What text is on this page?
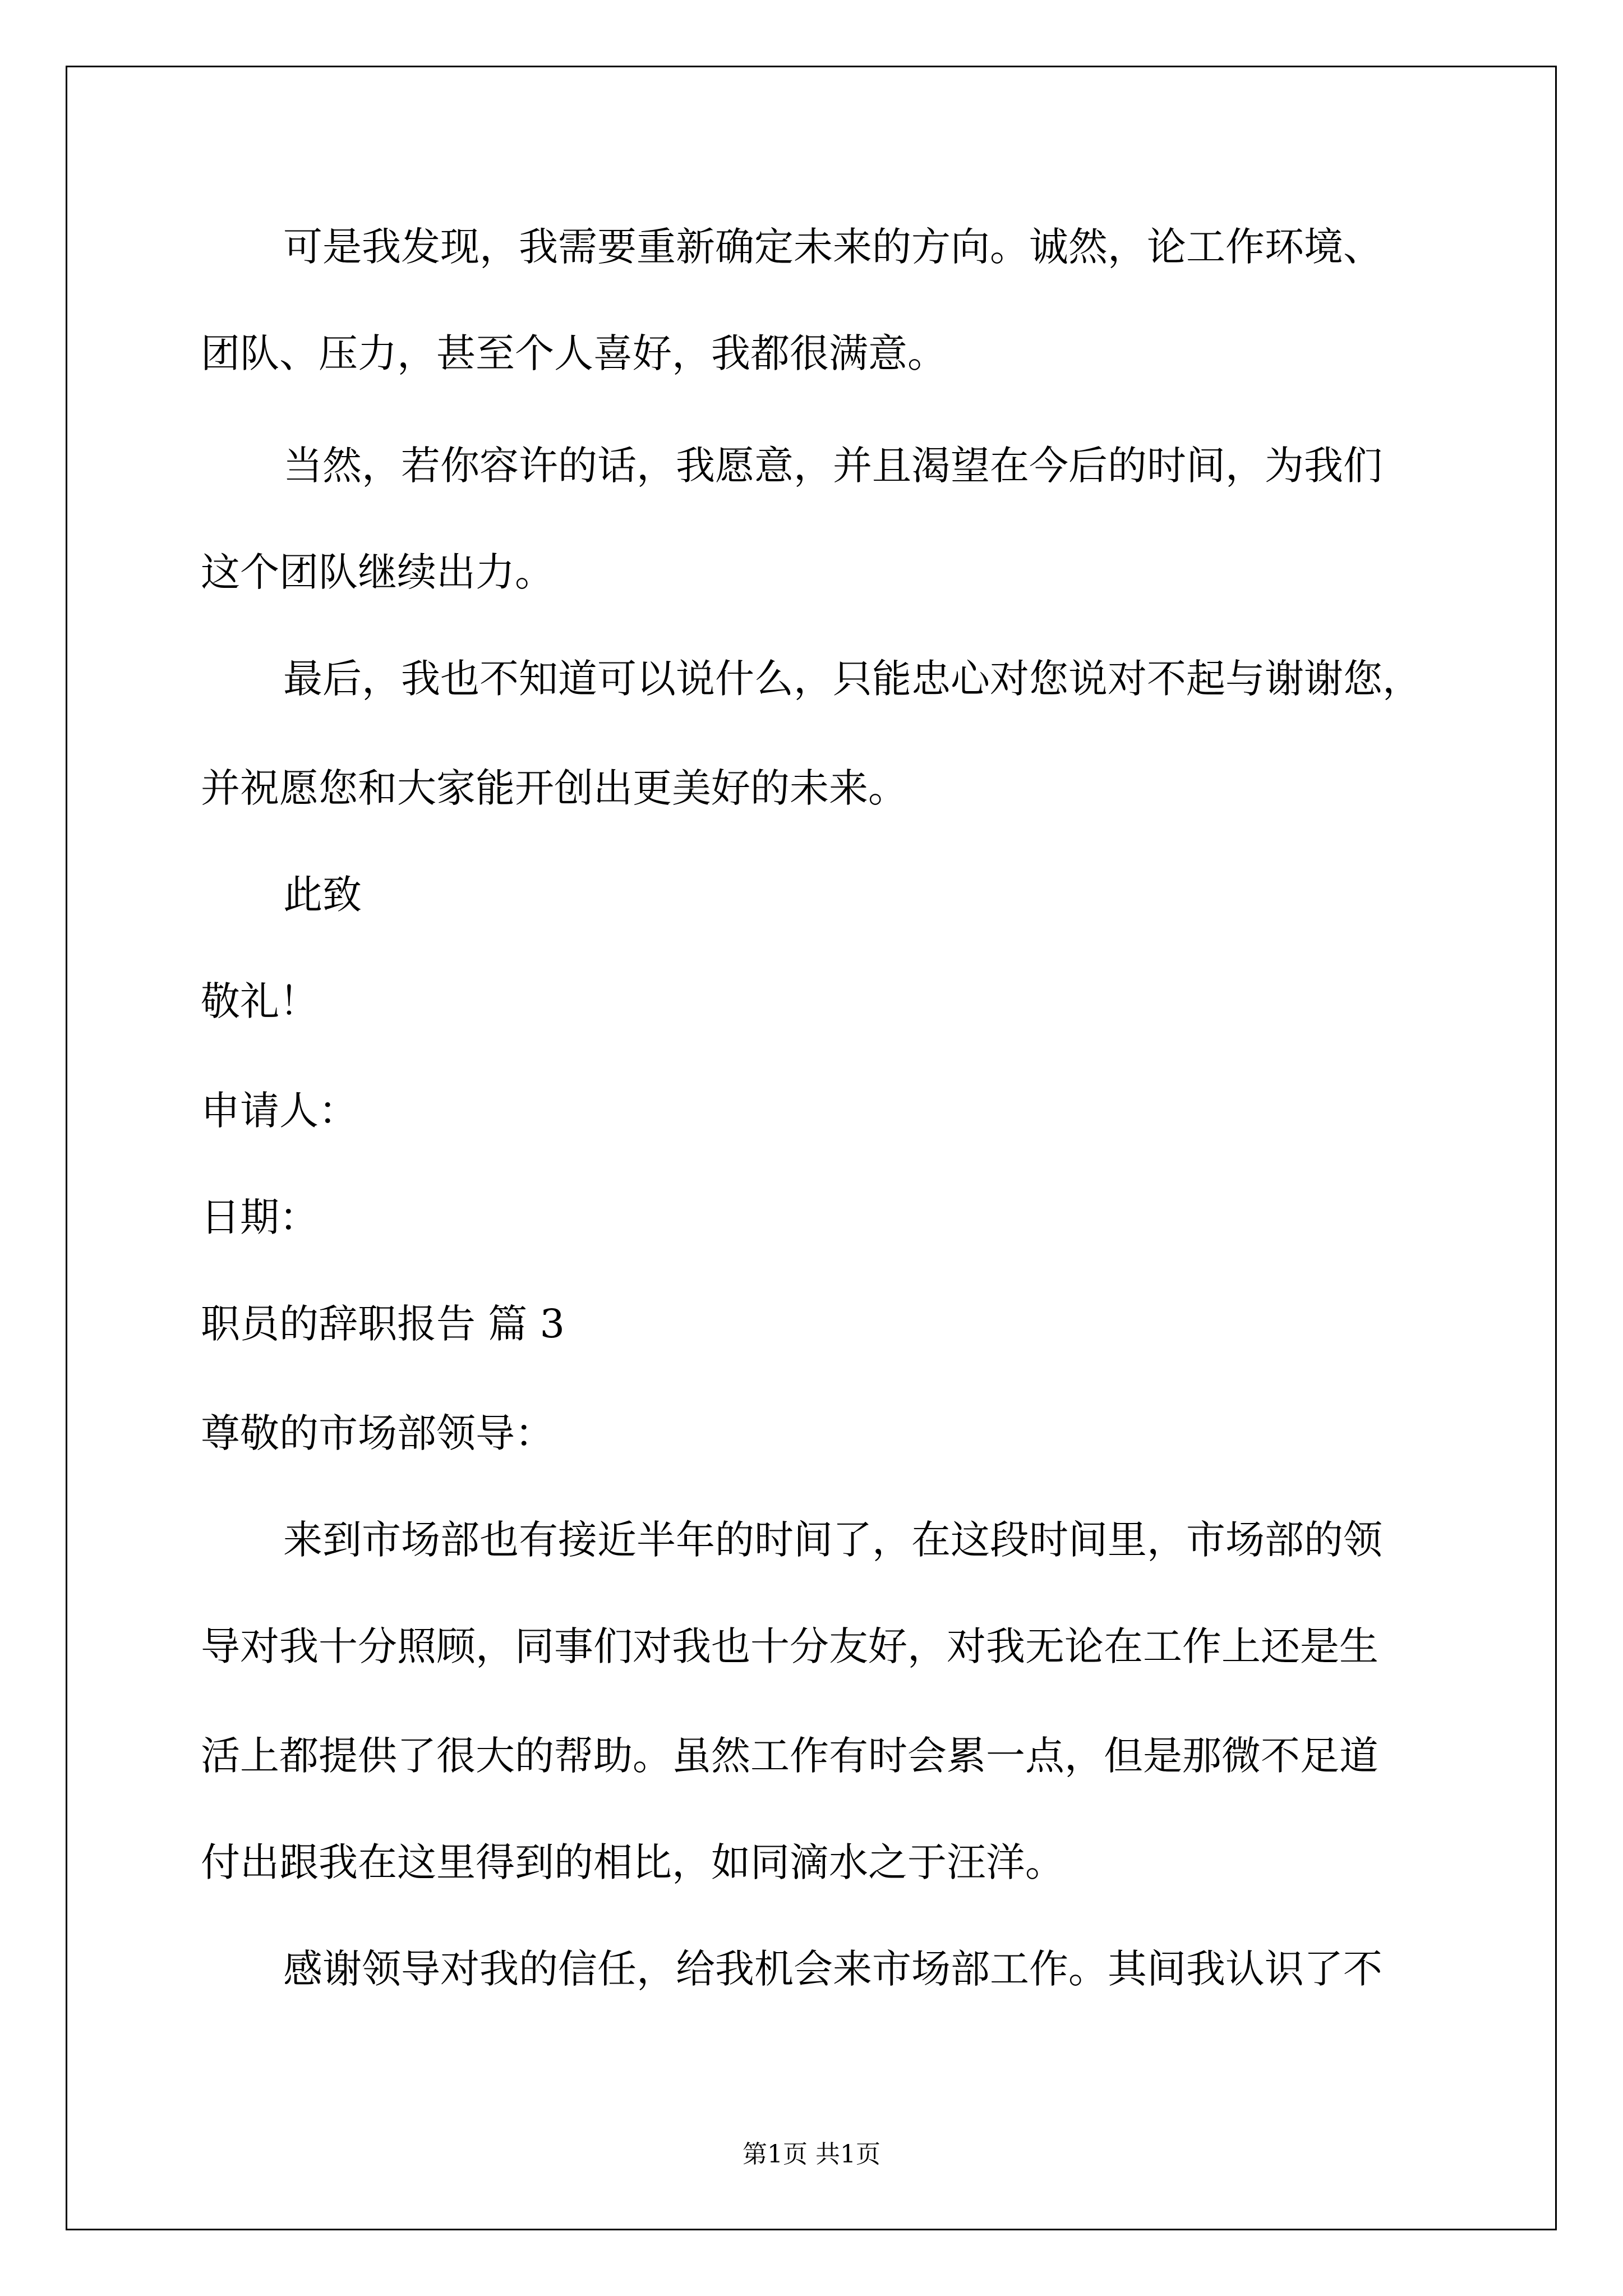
可是我发现，我需要重新确定未来的方向。诚然，论工作环境、
团队、压力，甚至个人喜好，我都很满意。
当然，若你容许的话，我愿意，并且渴望在今后的时间，为我们
这个团队继续出力。
最后，我也不知道可以说什么，只能忠心对您说对不起与谢谢您，
并祝愿您和大家能开创出更美好的未来。
此致
敬礼！
申请人：
日期：
职员的辞职报告 篇 3
尊敬的市场部领导：
来到市场部也有接近半年的时间了，在这段时间里，市场部的领
导对我十分照顾，同事们对我也十分友好，对我无论在工作上还是生
活上都提供了很大的帮助。虽然工作有时会累一点，但是那微不足道
付出跟我在这里得到的相比，如同滴水之于汪洋。
感谢领导对我的信任，给我机会来市场部工作。其间我认识了不
第1页 共1页
